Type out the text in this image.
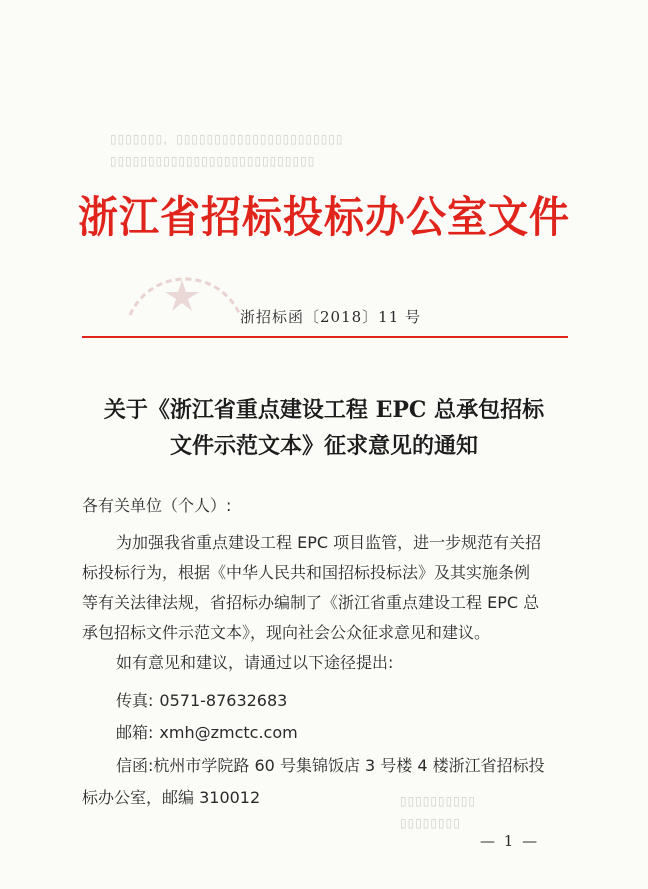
▯▯▯▯▯▯▯，▯▯▯▯▯▯▯▯▯▯▯▯▯▯▯▯▯▯▯▯▯▯
▯▯▯▯▯▯▯▯▯▯▯▯▯▯▯▯▯▯▯▯▯▯▯▯▯▯▯
▯▯▯▯▯▯▯▯▯▯
▯▯▯▯▯▯▯▯
浙江省招标投标办公室文件
浙招标函〔2018〕11 号
关于《浙江省重点建设工程 EPC 总承包招标
文件示范文本》征求意见的通知
各有关单位（个人）:
为加强我省重点建设工程 EPC 项目监管，进一步规范有关招
标投标行为，根据《中华人民共和国招标投标法》及其实施条例
等有关法律法规，省招标办编制了《浙江省重点建设工程 EPC 总
承包招标文件示范文本》，现向社会公众征求意见和建议。
如有意见和建议，请通过以下途径提出:
传真: 0571-87632683
邮箱: xmh@zmctc.com
信函:杭州市学院路 60 号集锦饭店 3 号楼 4 楼浙江省招标投
标办公室，邮编 310012
— 1 —
